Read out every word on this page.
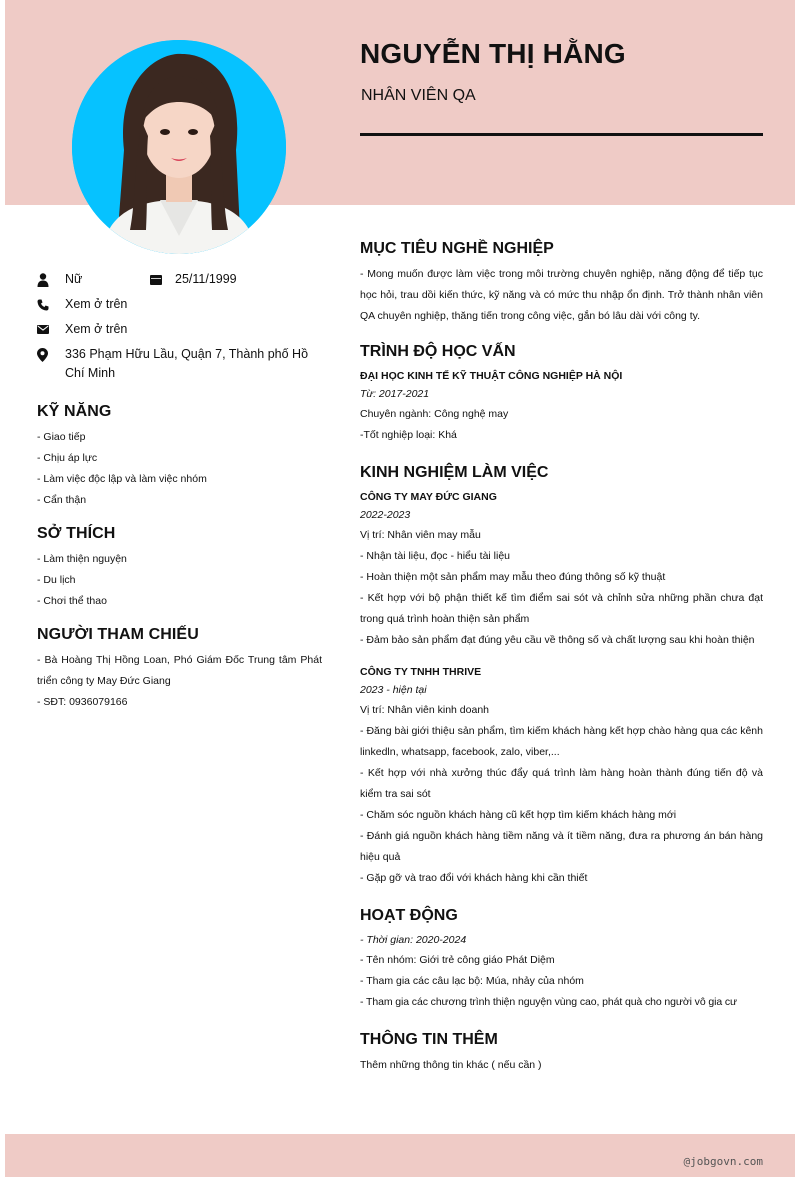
NGUYỄN THỊ HẰNG
NHÂN VIÊN QA
Nữ	25/11/1999
Xem ở trên
Xem ở trên
336 Phạm Hữu Lầu, Quận 7, Thành phố Hồ Chí Minh
KỸ NĂNG
- Giao tiếp
- Chịu áp lực
- Làm việc độc lập và làm việc nhóm
- Cẩn thận
SỞ THÍCH
- Làm thiện nguyện
- Du lịch
- Chơi thể thao
NGƯỜI THAM CHIẾU
- Bà Hoàng Thị Hồng Loan, Phó Giám Đốc Trung tâm Phát triển công ty May Đức Giang
- SĐT: 0936079166
MỤC TIÊU NGHỀ NGHIỆP
- Mong muốn được làm việc trong môi trường chuyên nghiệp, năng động để tiếp tục học hỏi, trau dồi kiến thức, kỹ năng và có mức thu nhập ổn định. Trở thành nhân viên QA chuyên nghiệp, thăng tiến trong công việc, gắn bó lâu dài với công ty.
TRÌNH ĐỘ HỌC VẤN
ĐẠI HỌC KINH TẾ KỸ THUẬT CÔNG NGHIỆP HÀ NỘI
Từ: 2017-2021
Chuyên ngành: Công nghệ may
-Tốt nghiệp loại: Khá
KINH NGHIỆM LÀM VIỆC
CÔNG TY MAY ĐỨC GIANG
2022-2023
Vị trí: Nhân viên may mẫu
- Nhận tài liệu, đọc - hiểu tài liệu
- Hoàn thiện một sản phẩm may mẫu theo đúng thông số kỹ thuật
- Kết hợp với bộ phận thiết kế tìm điểm sai sót và chỉnh sửa những phần chưa đạt trong quá trình hoàn thiện sản phẩm
- Đảm bảo sản phẩm đạt đúng yêu cầu về thông số và chất lượng sau khi hoàn thiện
CÔNG TY TNHH THRIVE
2023 - hiện tại
Vị trí: Nhân viên kinh doanh
- Đăng bài giới thiệu sản phẩm, tìm kiếm khách hàng kết hợp chào hàng qua các kênh linkedln, whatsapp, facebook, zalo, viber,...
- Kết hợp với nhà xưởng thúc đẩy quá trình làm hàng hoàn thành đúng tiến độ và kiểm tra sai sót
- Chăm sóc nguồn khách hàng cũ kết hợp tìm kiếm khách hàng mới
- Đánh giá nguồn khách hàng tiềm năng và ít tiềm năng, đưa ra phương án bán hàng hiệu quả
- Gặp gỡ và trao đổi với khách hàng khi cần thiết
HOẠT ĐỘNG
- Thời gian: 2020-2024
- Tên nhóm: Giới trẻ công giáo Phát Diệm
- Tham gia các câu lạc bộ: Múa, nhảy của nhóm
- Tham gia các chương trình thiện nguyện vùng cao, phát quà cho người vô gia cư
THÔNG TIN THÊM
Thêm những thông tin khác ( nếu cần )
@jobgovn.com
